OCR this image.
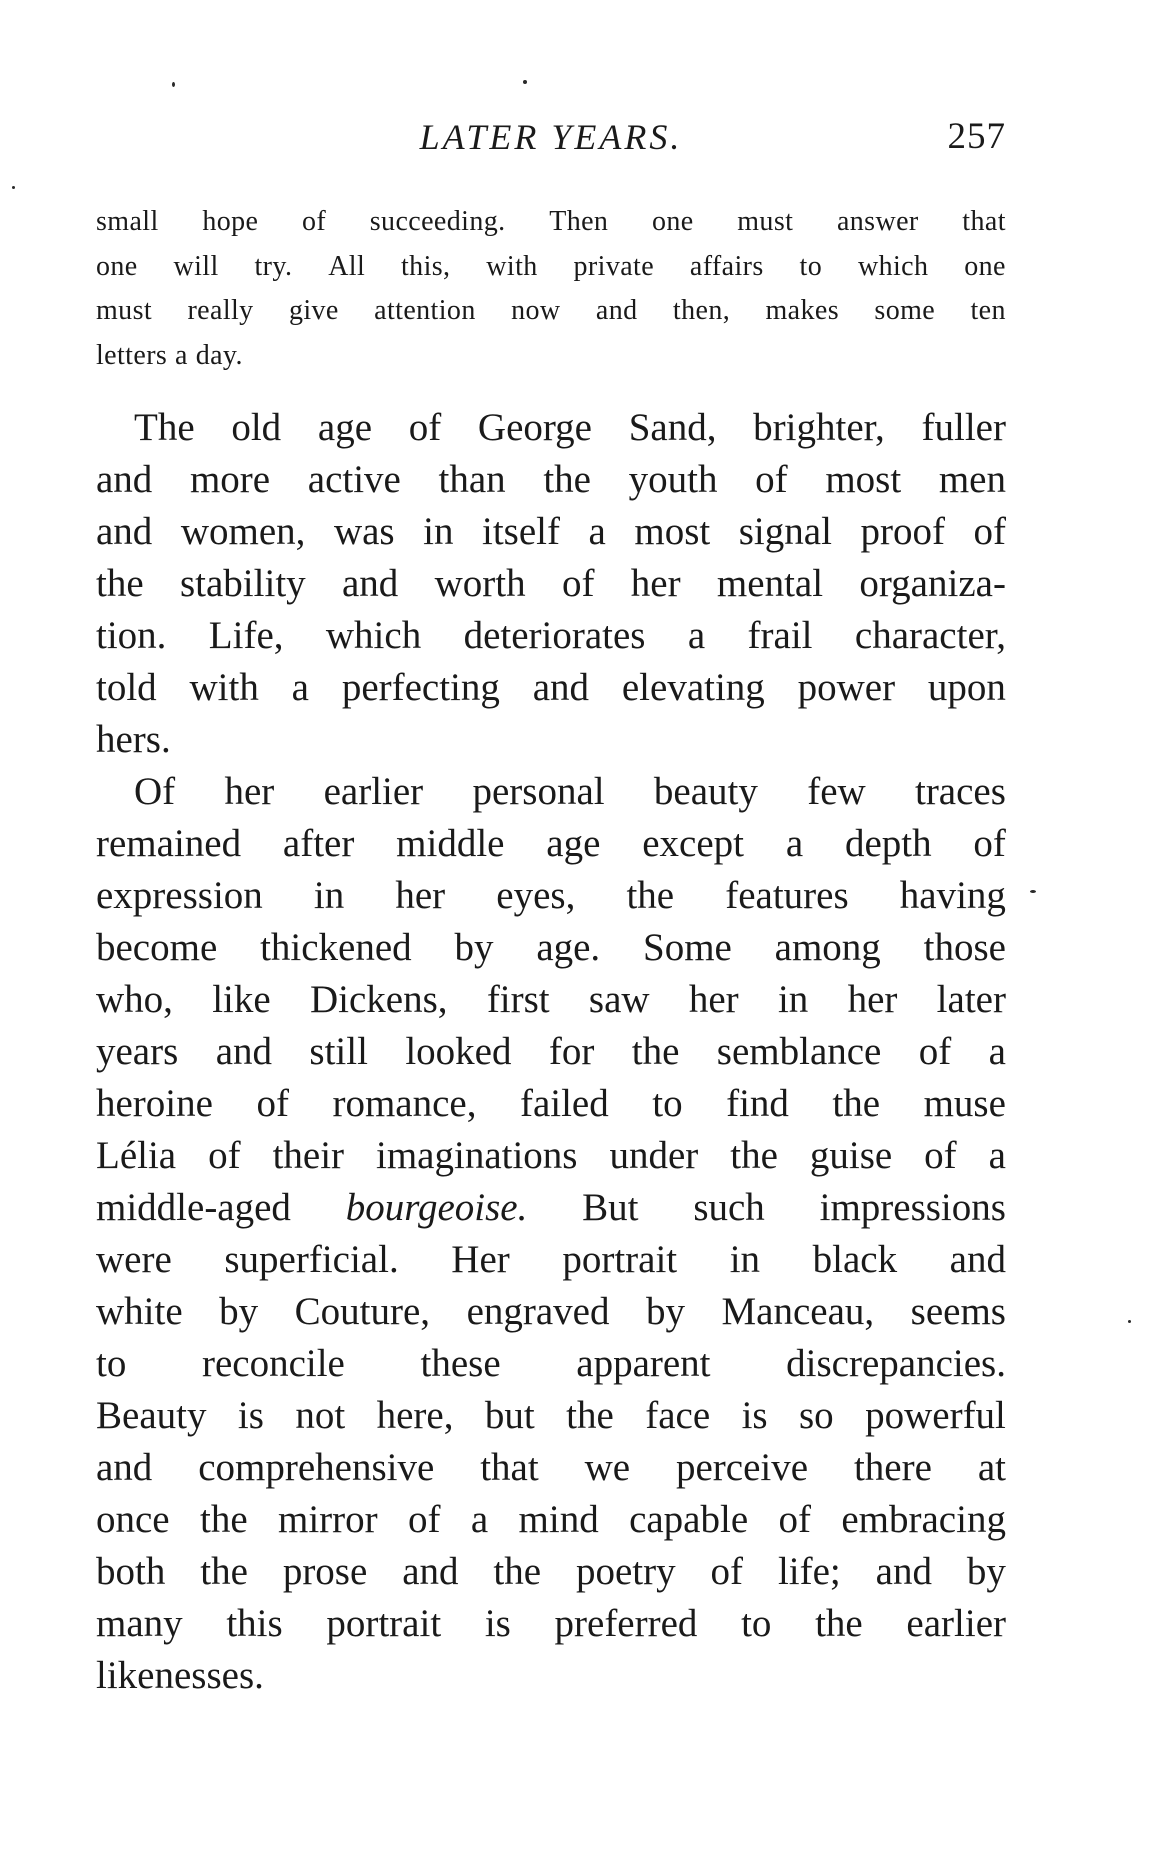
LATER YEARS.	257
small hope of succeeding. Then one must answer that
one will try. All this, with private affairs to which one
must really give attention now and then, makes some ten
letters a day.
The old age of George Sand, brighter, fuller
and more active than the youth of most men
and women, was in itself a most signal proof of
the stability and worth of her mental organiza-
tion. Life, which deteriorates a frail character,
told with a perfecting and elevating power upon
hers.
Of her earlier personal beauty few traces
remained after middle age except a depth of
expression in her eyes, the features having
become thickened by age. Some among those
who, like Dickens, first saw her in her later
years and still looked for the semblance of a
heroine of romance, failed to find the muse
Lélia of their imaginations under the guise of a
middle-aged bourgeoise. But such impressions
were superficial. Her portrait in black and
white by Couture, engraved by Manceau, seems
to reconcile these apparent discrepancies.
Beauty is not here, but the face is so powerful
and comprehensive that we perceive there at
once the mirror of a mind capable of embracing
both the prose and the poetry of life; and by
many this portrait is preferred to the earlier
likenesses.
